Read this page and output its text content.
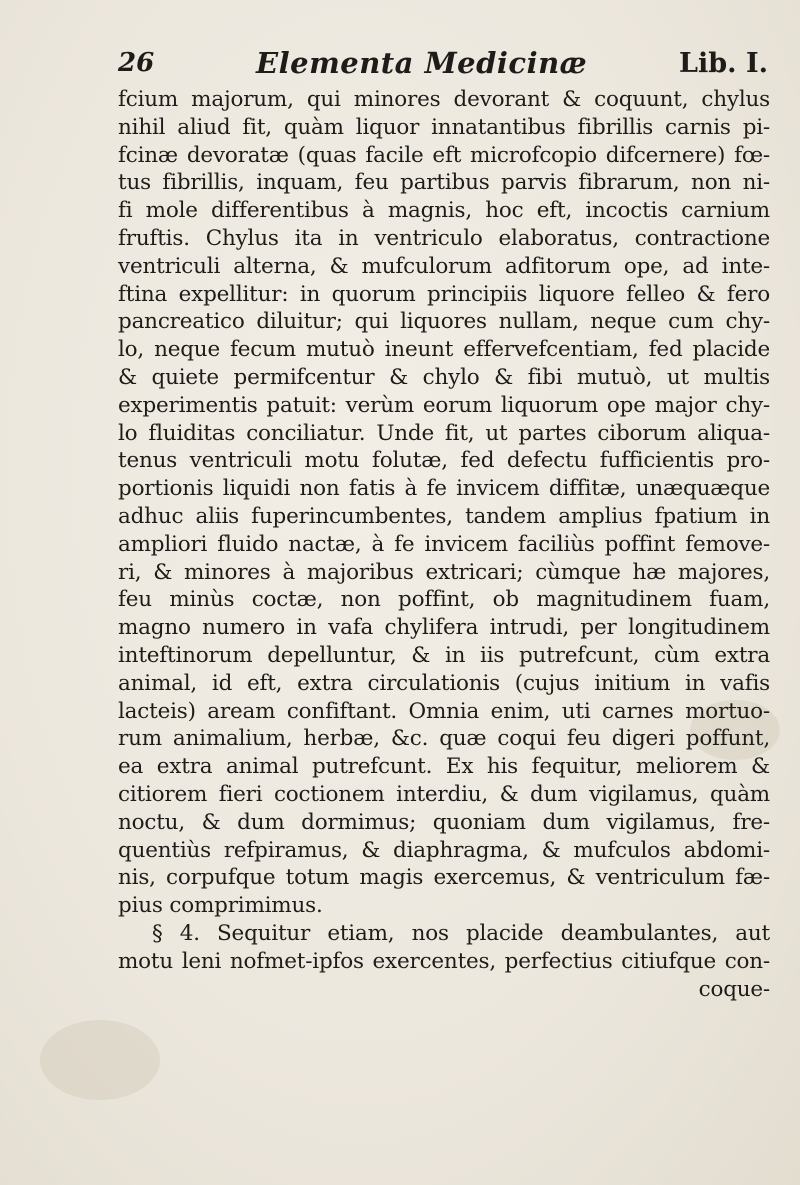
26	Elementa Medicinæ	Lib. I.
fcium majorum, qui minores devorant & coquunt, chylus
nihil aliud fit, quàm liquor innatantibus fibrillis carnis pi-
fcinæ devoratæ (quas facile eft microfcopio difcernere) fœ-
tus fibrillis, inquam, feu partibus parvis fibrarum, non ni-
fi mole differentibus à magnis, hoc eft, incoctis carnium
fruftis. Chylus ita in ventriculo elaboratus, contractione
ventriculi alterna, & mufculorum adfitorum ope, ad inte-
ftina expellitur: in quorum principiis liquore felleo & fero
pancreatico diluitur; qui liquores nullam, neque cum chy-
lo, neque fecum mutuò ineunt effervefcentiam, fed placide
& quiete permifcentur & chylo & fibi mutuò, ut multis
experimentis patuit: verùm eorum liquorum ope major chy-
lo fluiditas conciliatur. Unde fit, ut partes ciborum aliqua-
tenus ventriculi motu folutæ, fed defectu fufficientis pro-
portionis liquidi non fatis à fe invicem diffitæ, unæquæque
adhuc aliis fuperincumbentes, tandem amplius fpatium in
ampliori fluido nactæ, à fe invicem faciliùs poffint femove-
ri, & minores à majoribus extricari; cùmque hæ majores,
feu minùs coctæ, non poffint, ob magnitudinem fuam,
magno numero in vafa chylifera intrudi, per longitudinem
inteftinorum depelluntur, & in iis putrefcunt, cùm extra
animal, id eft, extra circulationis (cujus initium in vafis
lacteis) aream confiftant. Omnia enim, uti carnes mortuo-
rum animalium, herbæ, &c. quæ coqui feu digeri poffunt,
ea extra animal putrefcunt. Ex his fequitur, meliorem &
citiorem fieri coctionem interdiu, & dum vigilamus, quàm
noctu, & dum dormimus; quoniam dum vigilamus, fre-
quentiùs refpiramus, & diaphragma, & mufculos abdomi-
nis, corpufque totum magis exercemus, & ventriculum fæ-
pius comprimimus.
§ 4. Sequitur etiam, nos placide deambulantes, aut
motu leni nofmet-ipfos exercentes, perfectius citiufque con-
coque-
